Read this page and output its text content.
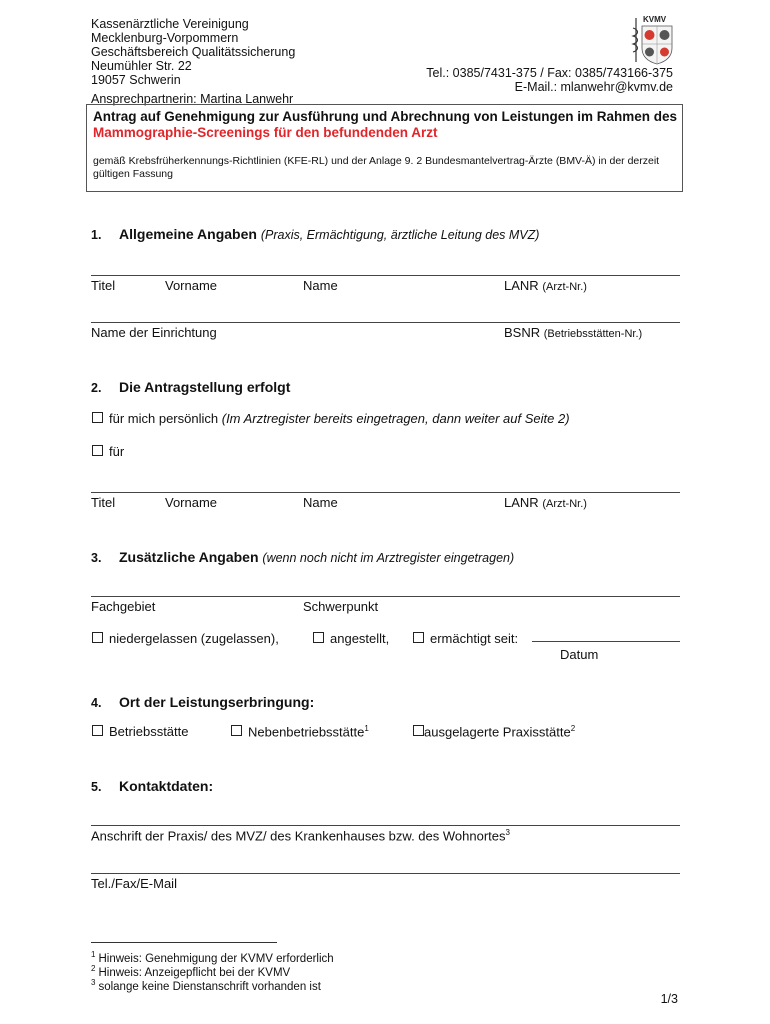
Kassenärztliche Vereinigung
Mecklenburg-Vorpommern
Geschäftsbereich Qualitätssicherung
Neumühler Str. 22
19057 Schwerin
Ansprechpartnerin: Martina Lanwehr
Tel.: 0385/7431-375 / Fax: 0385/743166-375
E-Mail.: mlanwehr@kvmv.de
KVMV
Antrag auf Genehmigung zur Ausführung und Abrechnung von Leistungen im Rahmen des Mammographie-Screenings für den befundenden Arzt
gemäß Krebsfrüherkennungs-Richtlinien (KFE-RL) und der Anlage 9. 2 Bundesmantelvertrag-Ärzte (BMV-Ä) in der derzeit gültigen Fassung
1. Allgemeine Angaben (Praxis, Ermächtigung, ärztliche Leitung des MVZ)
Titel	Vorname	Name	LANR (Arzt-Nr.)
Name der Einrichtung	BSNR (Betriebsstätten-Nr.)
2. Die Antragstellung erfolgt
für mich persönlich (Im Arztregister bereits eingetragen, dann weiter auf Seite 2)
für
Titel	Vorname	Name	LANR (Arzt-Nr.)
3. Zusätzliche Angaben (wenn noch nicht im Arztregister eingetragen)
Fachgebiet	Schwerpunkt
niedergelassen (zugelassen),	angestellt,	ermächtigt seit:
Datum
4. Ort der Leistungserbringung:
Betriebsstätte	Nebenbetriebsstätte$^1$	ausgelagerte Praxisstätte$^2$
5. Kontaktdaten:
Anschrift der Praxis/ des MVZ/ des Krankenhauses bzw. des Wohnortes$^3$
Tel./Fax/E-Mail
$^1$ Hinweis: Genehmigung der KVMV erforderlich
$^2$ Hinweis: Anzeigepflicht bei der KVMV
$^3$ solange keine Dienstanschrift vorhanden ist
1/3
